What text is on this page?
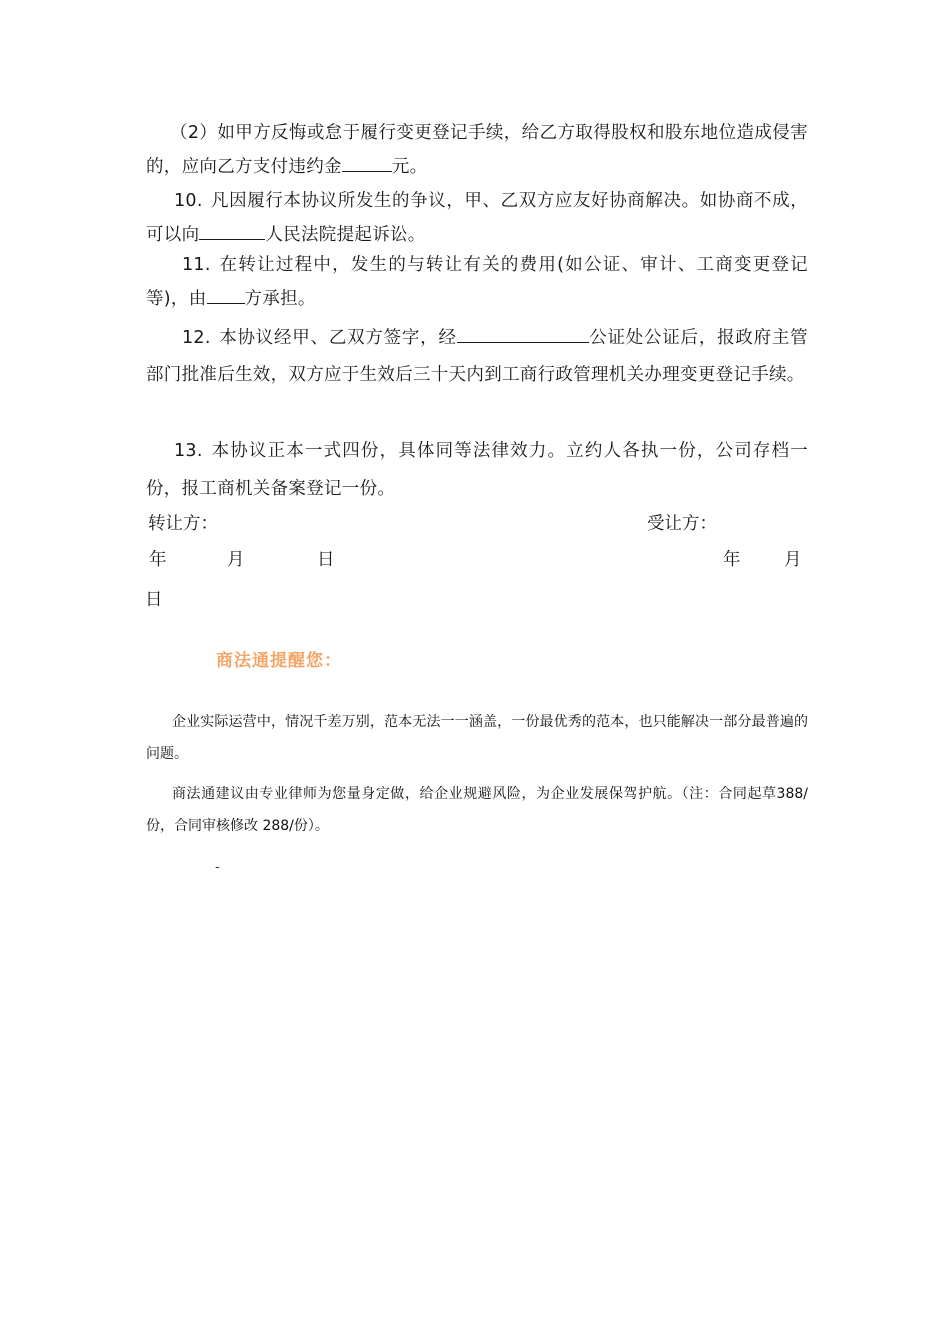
（2）如甲方反悔或怠于履行变更登记手续，给乙方取得股权和股东地位造成侵害的，应向乙方支付违约金	元。

10. 凡因履行本协议所发生的争议，甲、乙双方应友好协商解决。如协商不成，可以向	人民法院提起诉讼。

11. 在转让过程中，发生的与转让有关的费用(如公证、审计、工商变更登记等)，由 方承担。

12. 本协议经甲、乙双方签字，经	公证处公证后，报政府主管部门批准后生效，双方应于生效后三十天内到工商行政管理机关办理变更登记手续。

13. 本协议正本一式四份，具体同等法律效力。立约人各执一份，公司存档一份，报工商机关备案登记一份。

转让方：	受让方：
年	月	日	年 月
日
商法通提醒您：

企业实际运营中，情况千差万别，范本无法一一涵盖，一份最优秀的范本，也只能解决一部分最普遍的问题。

商法通建议由专业律师为您量身定做，给企业规避风险，为企业发展保驾护航。（注：合同起草388/份，合同审核修改 288/份）。

-
